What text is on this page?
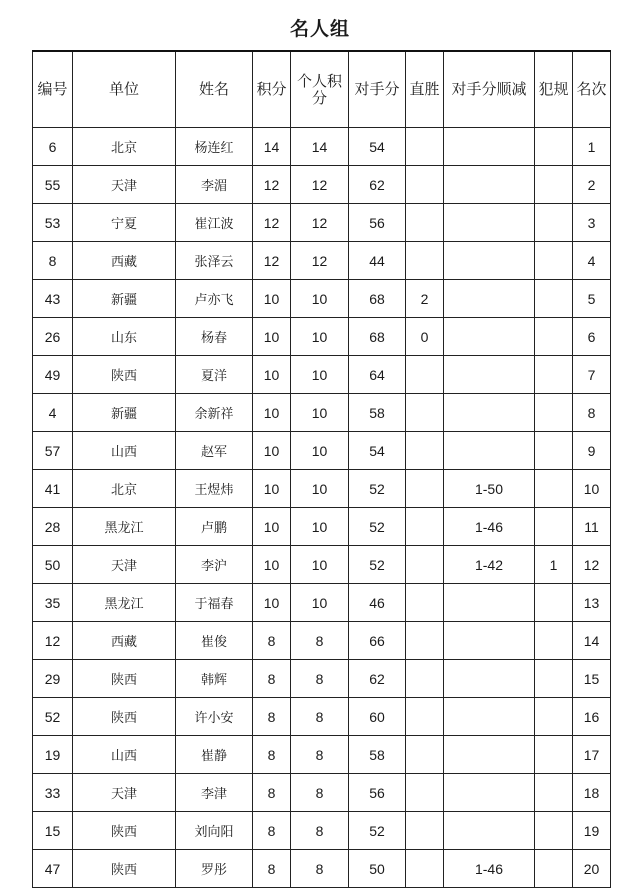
名人组
编号	单位	姓名	积分	个人积分	对手分	直胜	对手分顺减	犯规	名次
6	北京	杨连红	14	14	54				1
55	天津	李湄	12	12	62				2
53	宁夏	崔江波	12	12	56				3
8	西藏	张泽云	12	12	44				4
43	新疆	卢亦飞	10	10	68	2			5
26	山东	杨春	10	10	68	0			6
49	陕西	夏洋	10	10	64				7
4	新疆	余新祥	10	10	58				8
57	山西	赵军	10	10	54				9
41	北京	王煜炜	10	10	52		1-50		10
28	黑龙江	卢鹏	10	10	52		1-46		11
50	天津	李沪	10	10	52		1-42	1	12
35	黑龙江	于福春	10	10	46				13
12	西藏	崔俊	8	8	66				14
29	陕西	韩辉	8	8	62				15
52	陕西	许小安	8	8	60				16
19	山西	崔静	8	8	58				17
33	天津	李津	8	8	56				18
15	陕西	刘向阳	8	8	52				19
47	陕西	罗彤	8	8	50		1-46		20
